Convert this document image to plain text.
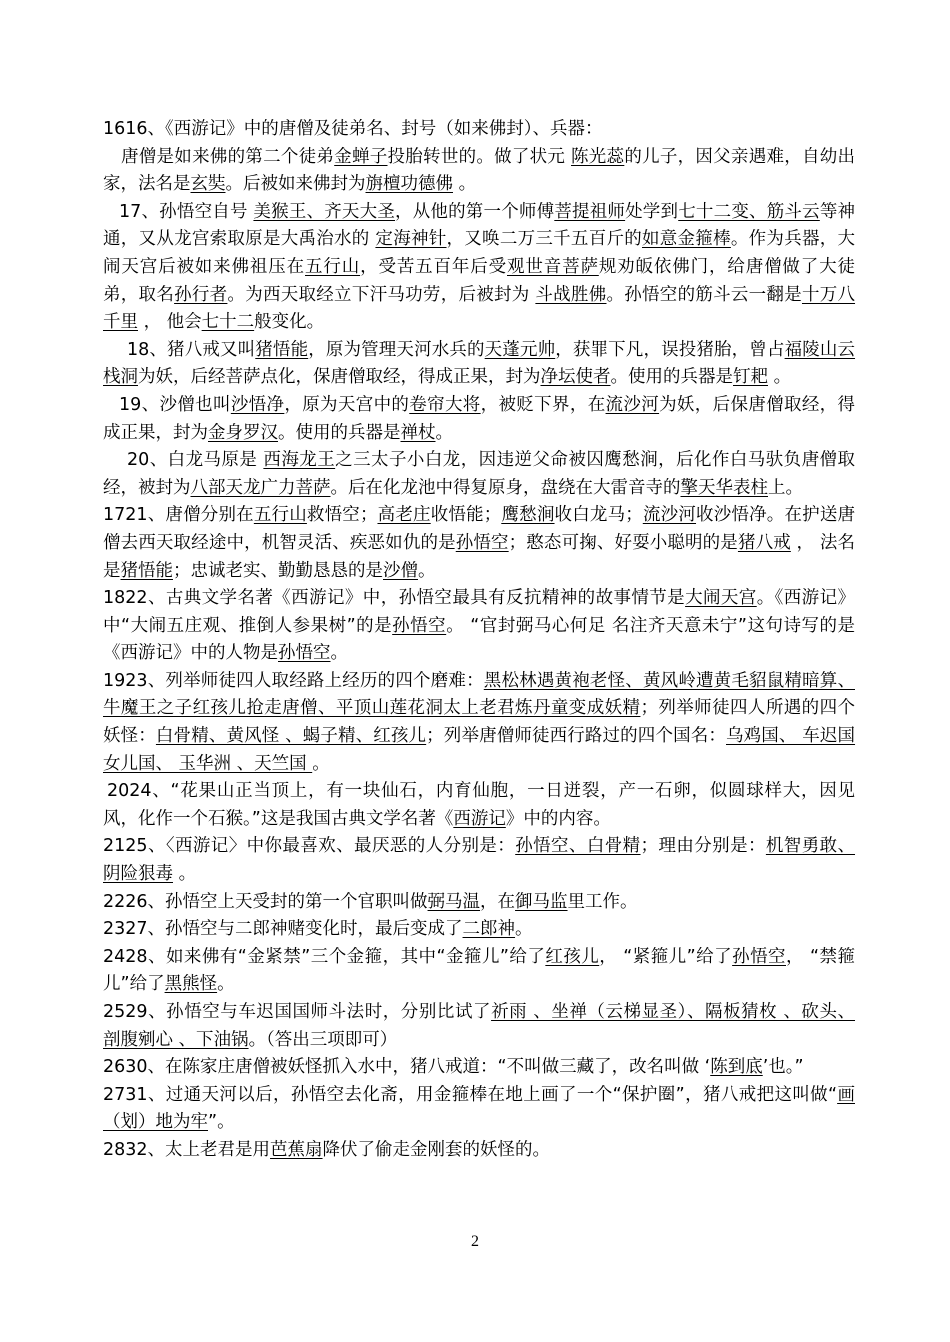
1616、《西游记》中的唐僧及徒弟名、封号（如来佛封）、兵器：

唐僧是如来佛的第二个徒弟金蝉子投胎转世的。做了状元 陈光蕊的儿子，因父亲遇难，自幼出家，法名是玄奘。后被如来佛封为旃檀功德佛 。

17、孙悟空自号 美猴王、齐天大圣，从他的第一个师傅菩提祖师处学到七十二变、筋斗云等神通，又从龙宫索取原是大禹治水的 定海神针，又唤二万三千五百斤的如意金箍棒。作为兵器，大闹天宫后被如来佛祖压在五行山，受苦五百年后受观世音菩萨规劝皈依佛门，给唐僧做了大徒弟，取名孙行者。为西天取经立下汗马功劳，后被封为 斗战胜佛。孙悟空的筋斗云一翻是十万八千里 ， 他会七十二般变化。

18、猪八戒又叫猪悟能，原为管理天河水兵的天蓬元帅，获罪下凡，误投猪胎，曾占福陵山云栈洞为妖，后经菩萨点化，保唐僧取经，得成正果，封为净坛使者。使用的兵器是钉耙 。

19、沙僧也叫沙悟净，原为天宫中的卷帘大将，被贬下界，在流沙河为妖，后保唐僧取经，得成正果，封为金身罗汉。使用的兵器是禅杖。

20、白龙马原是 西海龙王之三太子小白龙，因违逆父命被囚鹰愁涧，后化作白马驮负唐僧取经，被封为八部天龙广力菩萨。后在化龙池中得复原身，盘绕在大雷音寺的擎天华表柱上。

1721、唐僧分别在五行山救悟空；高老庄收悟能；鹰愁涧收白龙马；流沙河收沙悟净。在护送唐僧去西天取经途中，机智灵活、疾恶如仇的是孙悟空；憨态可掬、好耍小聪明的是猪八戒 ， 法名是猪悟能；忠诚老实、勤勤恳恳的是沙僧。

1822、古典文学名著《西游记》中，孙悟空最具有反抗精神的故事情节是大闹天宫。《西游记》中“大闹五庄观、推倒人参果树”的是孙悟空。 “官封弼马心何足 名注齐天意未宁”这句诗写的是《西游记》中的人物是孙悟空。

1923、列举师徒四人取经路上经历的四个磨难：黑松林遇黄袍老怪、黄风岭遭黄毛貂鼠精暗算、牛魔王之子红孩儿抢走唐僧、平顶山莲花洞太上老君炼丹童变成妖精；列举师徒四人所遇的四个妖怪：白骨精、黄风怪 、蝎子精、红孩儿；列举唐僧师徒西行路过的四个国名：乌鸡国、 车迟国女儿国、 玉华洲 、天竺国 。

2024、“花果山正当顶上，有一块仙石，内育仙胞，一日迸裂，产一石卵，似圆球样大，因见风，化作一个石猴。”这是我国古典文学名著《西游记》中的内容。

2125、〈西游记〉中你最喜欢、最厌恶的人分别是：孙悟空、白骨精；理由分别是：机智勇敢、阴险狠毒 。

2226、孙悟空上天受封的第一个官职叫做弼马温，在御马监里工作。

2327、孙悟空与二郎神赌变化时，最后变成了二郎神。

2428、如来佛有“金紧禁”三个金箍，其中“金箍儿”给了红孩儿， “紧箍儿”给了孙悟空， “禁箍儿”给了黑熊怪。

2529、孙悟空与车迟国国师斗法时，分别比试了祈雨 、坐禅（云梯显圣）、隔板猜枚 、砍头、 剖腹剜心 、下油锅。（答出三项即可）

2630、在陈家庄唐僧被妖怪抓入水中，猪八戒道：“不叫做三藏了，改名叫做 ‘陈到底’也。”

2731、过通天河以后，孙悟空去化斋，用金箍棒在地上画了一个“保护圈”，猪八戒把这叫做“画（划）地为牢”。

2832、太上老君是用芭蕉扇降伏了偷走金刚套的妖怪的。

2
